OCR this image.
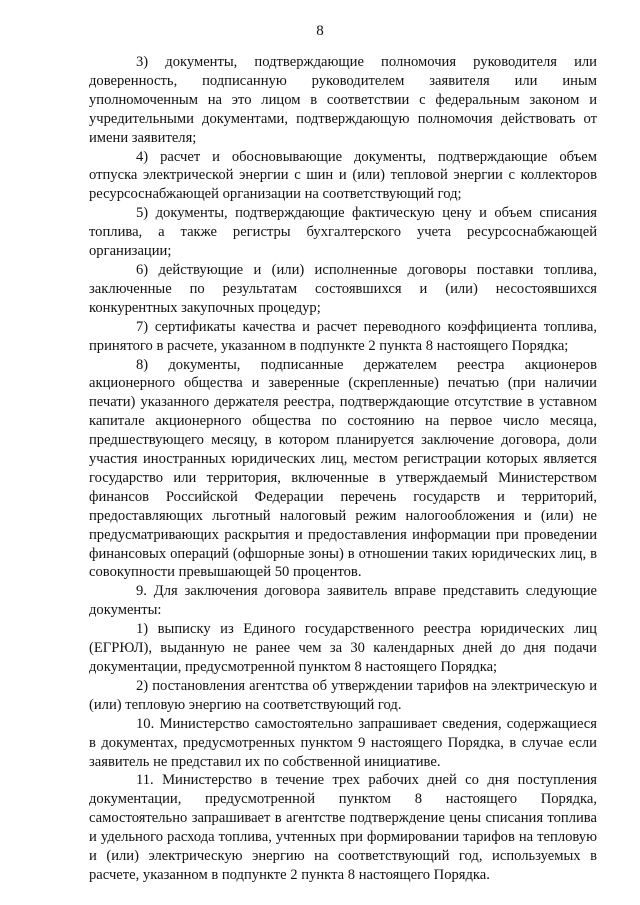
8

3) документы, подтверждающие полномочия руководителя или доверенность, подписанную руководителем заявителя или иным уполномоченным на это лицом в соответствии с федеральным законом и учредительными документами, подтверждающую полномочия действовать от имени заявителя;

4) расчет и обосновывающие документы, подтверждающие объем отпуска электрической энергии с шин и (или) тепловой энергии с коллекторов ресурсоснабжающей организации на соответствующий год;

5) документы, подтверждающие фактическую цену и объем списания топлива, а также регистры бухгалтерского учета ресурсоснабжающей организации;

6) действующие и (или) исполненные договоры поставки топлива, заключенные по результатам состоявшихся и (или) несостоявшихся конкурентных закупочных процедур;

7) сертификаты качества и расчет переводного коэффициента топлива, принятого в расчете, указанном в подпункте 2 пункта 8 настоящего Порядка;

8) документы, подписанные держателем реестра акционеров акционерного общества и заверенные (скрепленные) печатью (при наличии печати) указанного держателя реестра, подтверждающие отсутствие в уставном капитале акционерного общества по состоянию на первое число месяца, предшествующего месяцу, в котором планируется заключение договора, доли участия иностранных юридических лиц, местом регистрации которых является государство или территория, включенные в утверждаемый Министерством финансов Российской Федерации перечень государств и территорий, предоставляющих льготный налоговый режим налогообложения и (или) не предусматривающих раскрытия и предоставления информации при проведении финансовых операций (офшорные зоны) в отношении таких юридических лиц, в совокупности превышающей 50 процентов.

9. Для заключения договора заявитель вправе представить следующие документы:

1) выписку из Единого государственного реестра юридических лиц (ЕГРЮЛ), выданную не ранее чем за 30 календарных дней до дня подачи документации, предусмотренной пунктом 8 настоящего Порядка;

2) постановления агентства об утверждении тарифов на электрическую и (или) тепловую энергию на соответствующий год.

10. Министерство самостоятельно запрашивает сведения, содержащиеся в документах, предусмотренных пунктом 9 настоящего Порядка, в случае если заявитель не представил их по собственной инициативе.

11. Министерство в течение трех рабочих дней со дня поступления документации, предусмотренной пунктом 8 настоящего Порядка, самостоятельно запрашивает в агентстве подтверждение цены списания топлива и удельного расхода топлива, учтенных при формировании тарифов на тепловую и (или) электрическую энергию на соответствующий год, используемых в расчете, указанном в подпункте 2 пункта 8 настоящего Порядка.
